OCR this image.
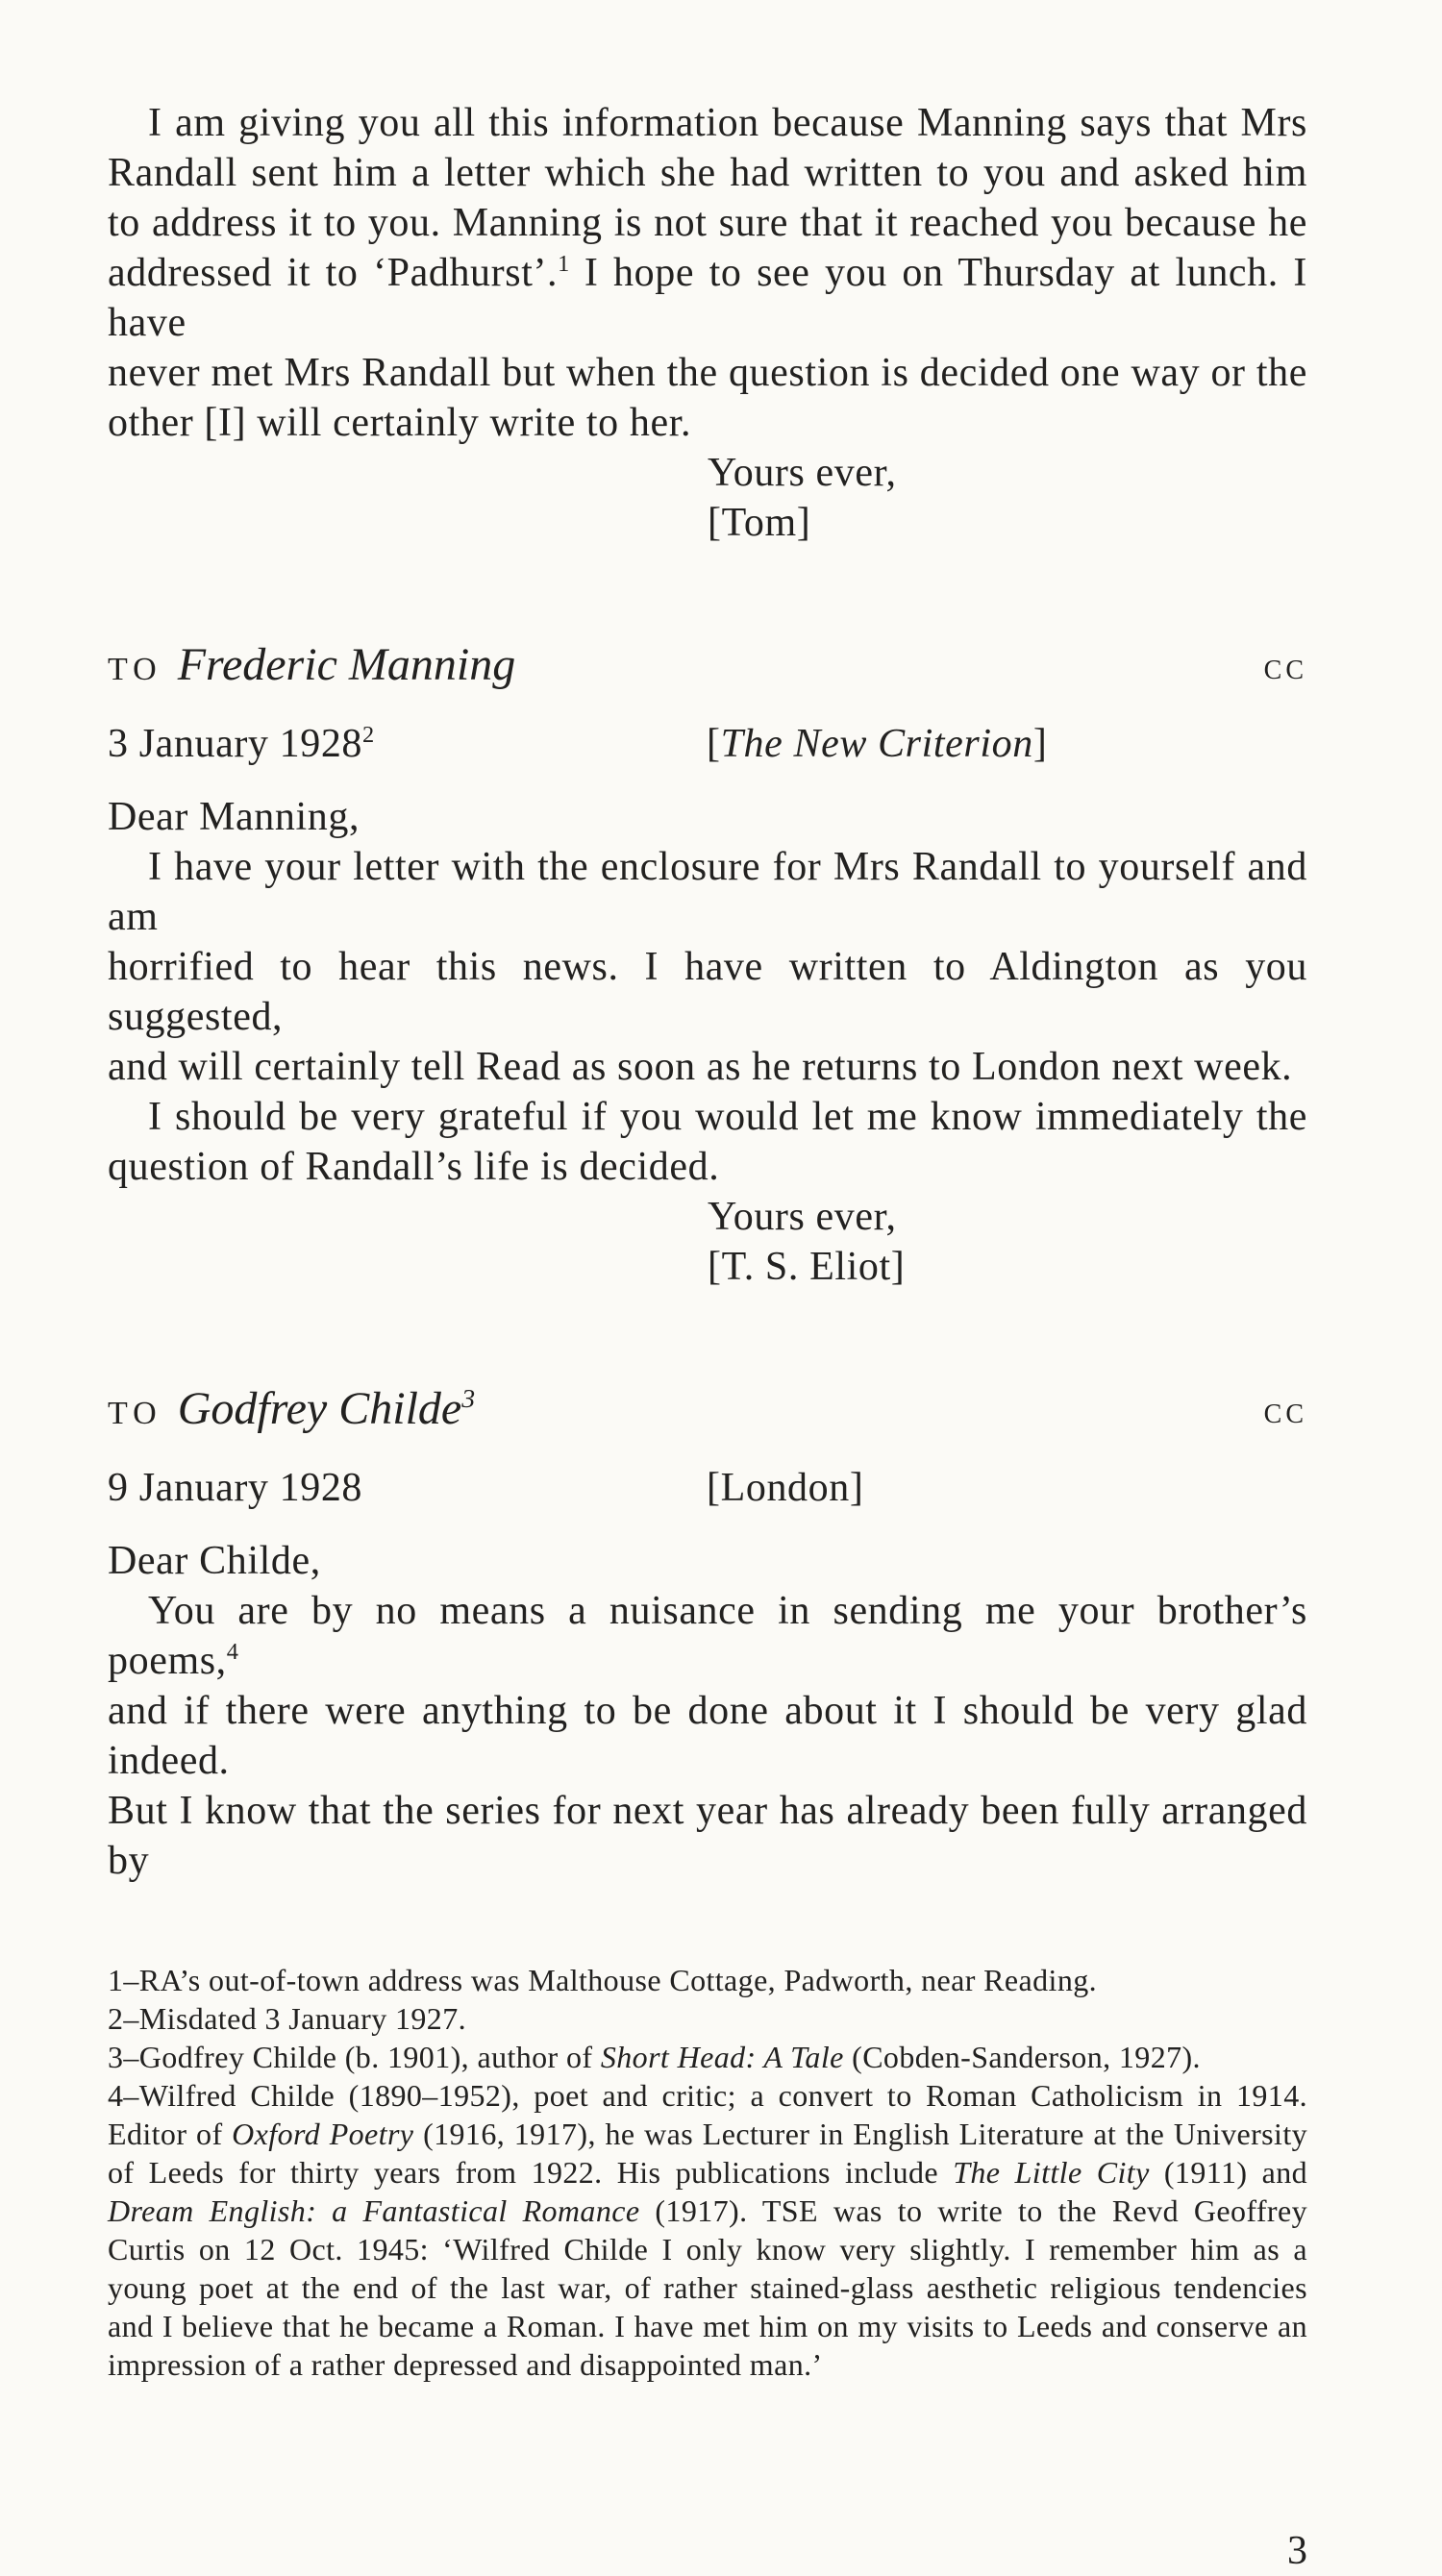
I am giving you all this information because Manning says that Mrs
Randall sent him a letter which she had written to you and asked him
to address it to you. Manning is not sure that it reached you because he
addressed it to ‘Padhurst’.$^1$ I hope to see you on Thursday at lunch. I have
never met Mrs Randall but when the question is decided one way or the
other [I] will certainly write to her.
Yours ever,
[Tom]
TO Frederic Manning	CC
3 January 1928$^2$	[The New Criterion]
Dear Manning,
I have your letter with the enclosure for Mrs Randall to yourself and am
horrified to hear this news. I have written to Aldington as you suggested,
and will certainly tell Read as soon as he returns to London next week.
I should be very grateful if you would let me know immediately the
question of Randall’s life is decided.
Yours ever,
[T. S. Eliot]
TO Godfrey Childe$^3$
CC
9 January 1928	[London]
Dear Childe,
You are by no means a nuisance in sending me your brother’s poems,$^4$
and if there were anything to be done about it I should be very glad indeed.
But I know that the series for next year has already been fully arranged by
1–RA’s out-of-town address was Malthouse Cottage, Padworth, near Reading.
2–Misdated 3 January 1927.
3–Godfrey Childe (b. 1901), author of Short Head: A Tale (Cobden-Sanderson, 1927).
4–Wilfred Childe (1890–1952), poet and critic; a convert to Roman Catholicism in 1914.
Editor of Oxford Poetry (1916, 1917), he was Lecturer in English Literature at the University
of Leeds for thirty years from 1922. His publications include The Little City (1911) and
Dream English: a Fantastical Romance (1917). TSE was to write to the Revd Geoffrey
Curtis on 12 Oct. 1945: ‘Wilfred Childe I only know very slightly. I remember him as a
young poet at the end of the last war, of rather stained-glass aesthetic religious tendencies
and I believe that he became a Roman. I have met him on my visits to Leeds and conserve an
impression of a rather depressed and disappointed man.’
3
